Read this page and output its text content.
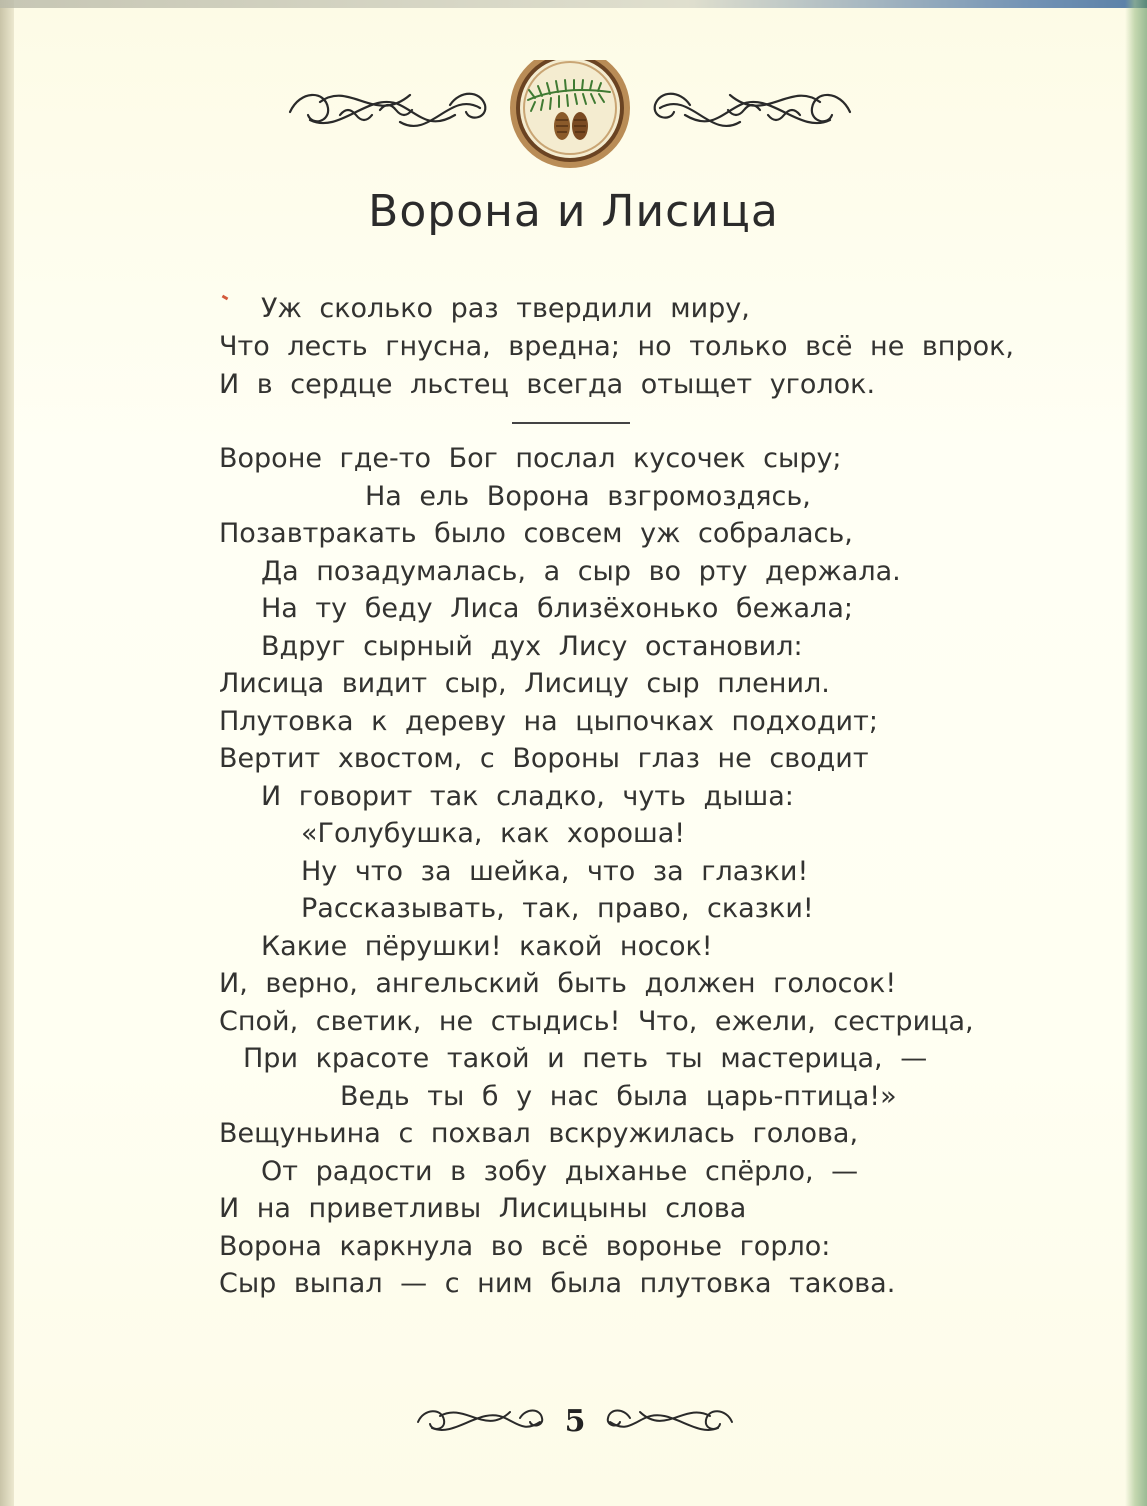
Ворона и Лисица
Уж сколько раз твердили миру,
Что лесть гнусна, вредна; но только всё не впрок,
И в сердце льстец всегда отыщет уголок.
Вороне где-то Бог послал кусочек сыру;
На ель Ворона взгромоздясь,
Позавтракать было совсем уж собралась,
Да позадумалась, а сыр во рту держала.
На ту беду Лиса близёхонько бежала;
Вдруг сырный дух Лису остановил:
Лисица видит сыр, Лисицу сыр пленил.
Плутовка к дереву на цыпочках подходит;
Вертит хвостом, с Вороны глаз не сводит
И говорит так сладко, чуть дыша:
«Голубушка, как хороша!
Ну что за шейка, что за глазки!
Рассказывать, так, право, сказки!
Какие пёрушки! какой носок!
И, верно, ангельский быть должен голосок!
Спой, светик, не стыдись! Что, ежели, сестрица,
При красоте такой и петь ты мастерица, —
Ведь ты б у нас была царь-птица!»
Вещуньина с похвал вскружилась голова,
От радости в зобу дыханье спёрло, —
И на приветливы Лисицыны слова
Ворона каркнула во всё воронье горло:
Сыр выпал — с ним была плутовка такова.
5
